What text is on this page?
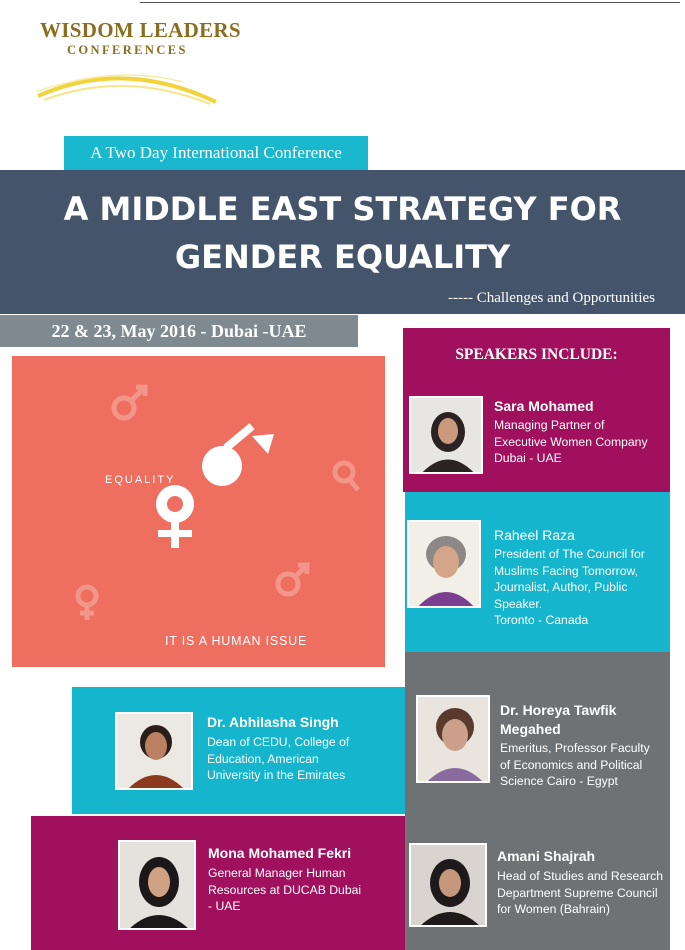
WISDOM LEADERS
CONFERENCES
A Two Day International Conference
A MIDDLE EAST STRATEGY FOR
GENDER EQUALITY
----- Challenges and Opportunities
22 & 23, May 2016 - Dubai -UAE
EQUALITY
IT IS A HUMAN ISSUE
SPEAKERS INCLUDE:
Sara Mohamed
Managing Partner of
Executive Women Company
Dubai - UAE
Raheel Raza
President of The Council for
Muslims Facing Tomorrow,
Journalist, Author, Public
Speaker.
Toronto - Canada
Dr. Horeya Tawfik
Megahed
Emeritus, Professor Faculty
of Economics and Political
Science Cairo - Egypt
Amani Shajrah
Head of Studies and Research
Department Supreme Council
for Women (Bahrain)
Dr. Abhilasha Singh
Dean of CEDU, College of
Education, American
University in the Emirates
Mona Mohamed Fekri
General Manager Human
Resources at DUCAB Dubai
- UAE
